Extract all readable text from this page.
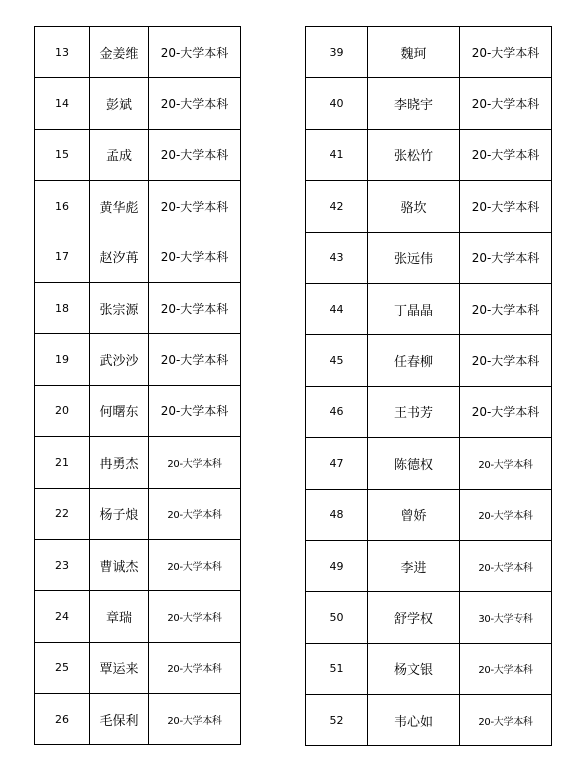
13	金姜维	20-大学本科
14	彭斌	20-大学本科
15	孟成	20-大学本科
16	黄华彪	20-大学本科
17	赵汐苒	20-大学本科
18	张宗源	20-大学本科
19	武沙沙	20-大学本科
20	何曙东	20-大学本科
21	冉勇杰	20-大学本科
22	杨子烺	20-大学本科
23	曹诚杰	20-大学本科
24	章瑞	20-大学本科
25	覃运来	20-大学本科
26	毛保利	20-大学本科
39	魏珂	20-大学本科
40	李晓宇	20-大学本科
41	张松竹	20-大学本科
42	骆坎	20-大学本科
43	张远伟	20-大学本科
44	丁晶晶	20-大学本科
45	任春柳	20-大学本科
46	王书芳	20-大学本科
47	陈德权	20-大学本科
48	曾娇	20-大学本科
49	李进	20-大学本科
50	舒学权	30-大学专科
51	杨文银	20-大学本科
52	韦心如	20-大学本科
